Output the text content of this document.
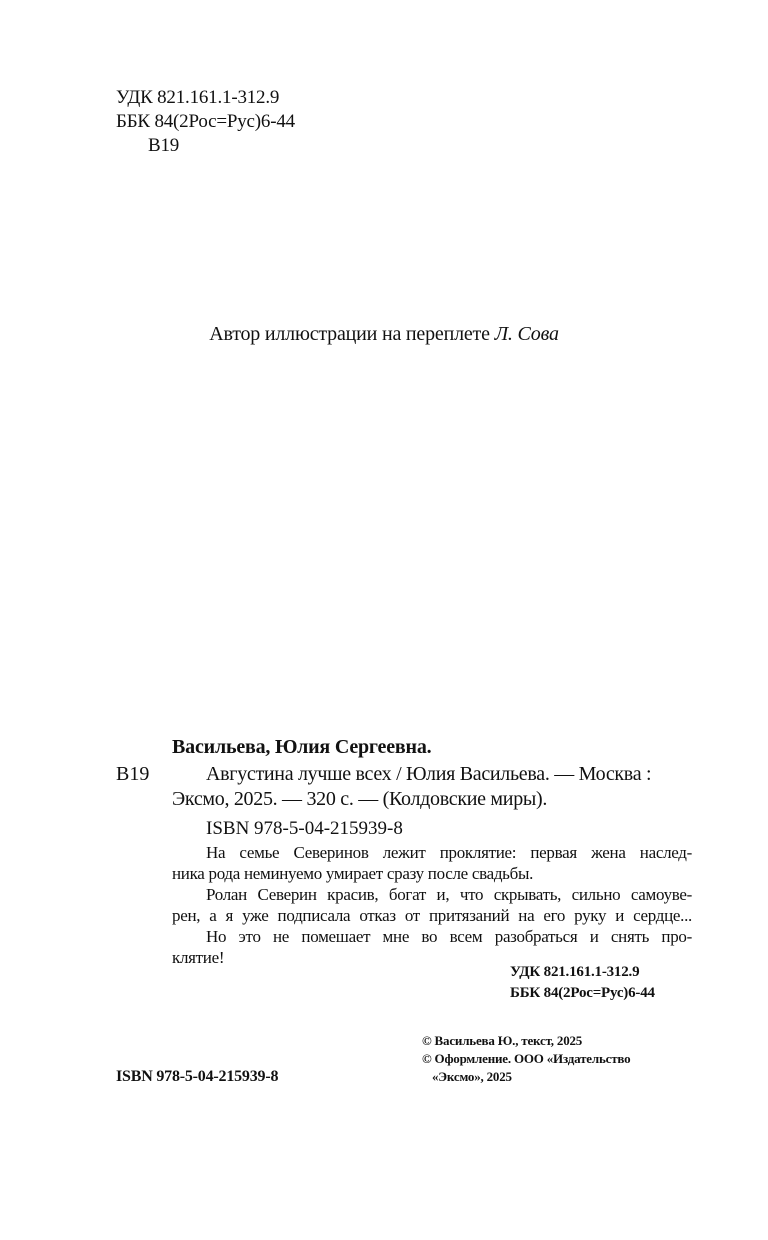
УДК 821.161.1-312.9
ББК 84(2Рос=Рус)6-44
В19
Автор иллюстрации на переплете Л. Сова
Васильева, Юлия Сергеевна.
В19	Августина лучше всех / Юлия Васильева. — Москва :
Эксмо, 2025. — 320 с. — (Колдовские миры).
ISBN 978-5-04-215939-8
На семье Северинов лежит проклятие: первая жена наслед-
ника рода неминуемо умирает сразу после свадьбы.
Ролан Северин красив, богат и, что скрывать, сильно самоуве-
рен, а я уже подписала отказ от притязаний на его руку и сердце...
Но это не помешает мне во всем разобраться и снять про-
клятие!
УДК 821.161.1-312.9
ББК 84(2Рос=Рус)6-44
© Васильева Ю., текст, 2025
© Оформление. ООО «Издательство
«Эксмо», 2025
ISBN 978-5-04-215939-8
